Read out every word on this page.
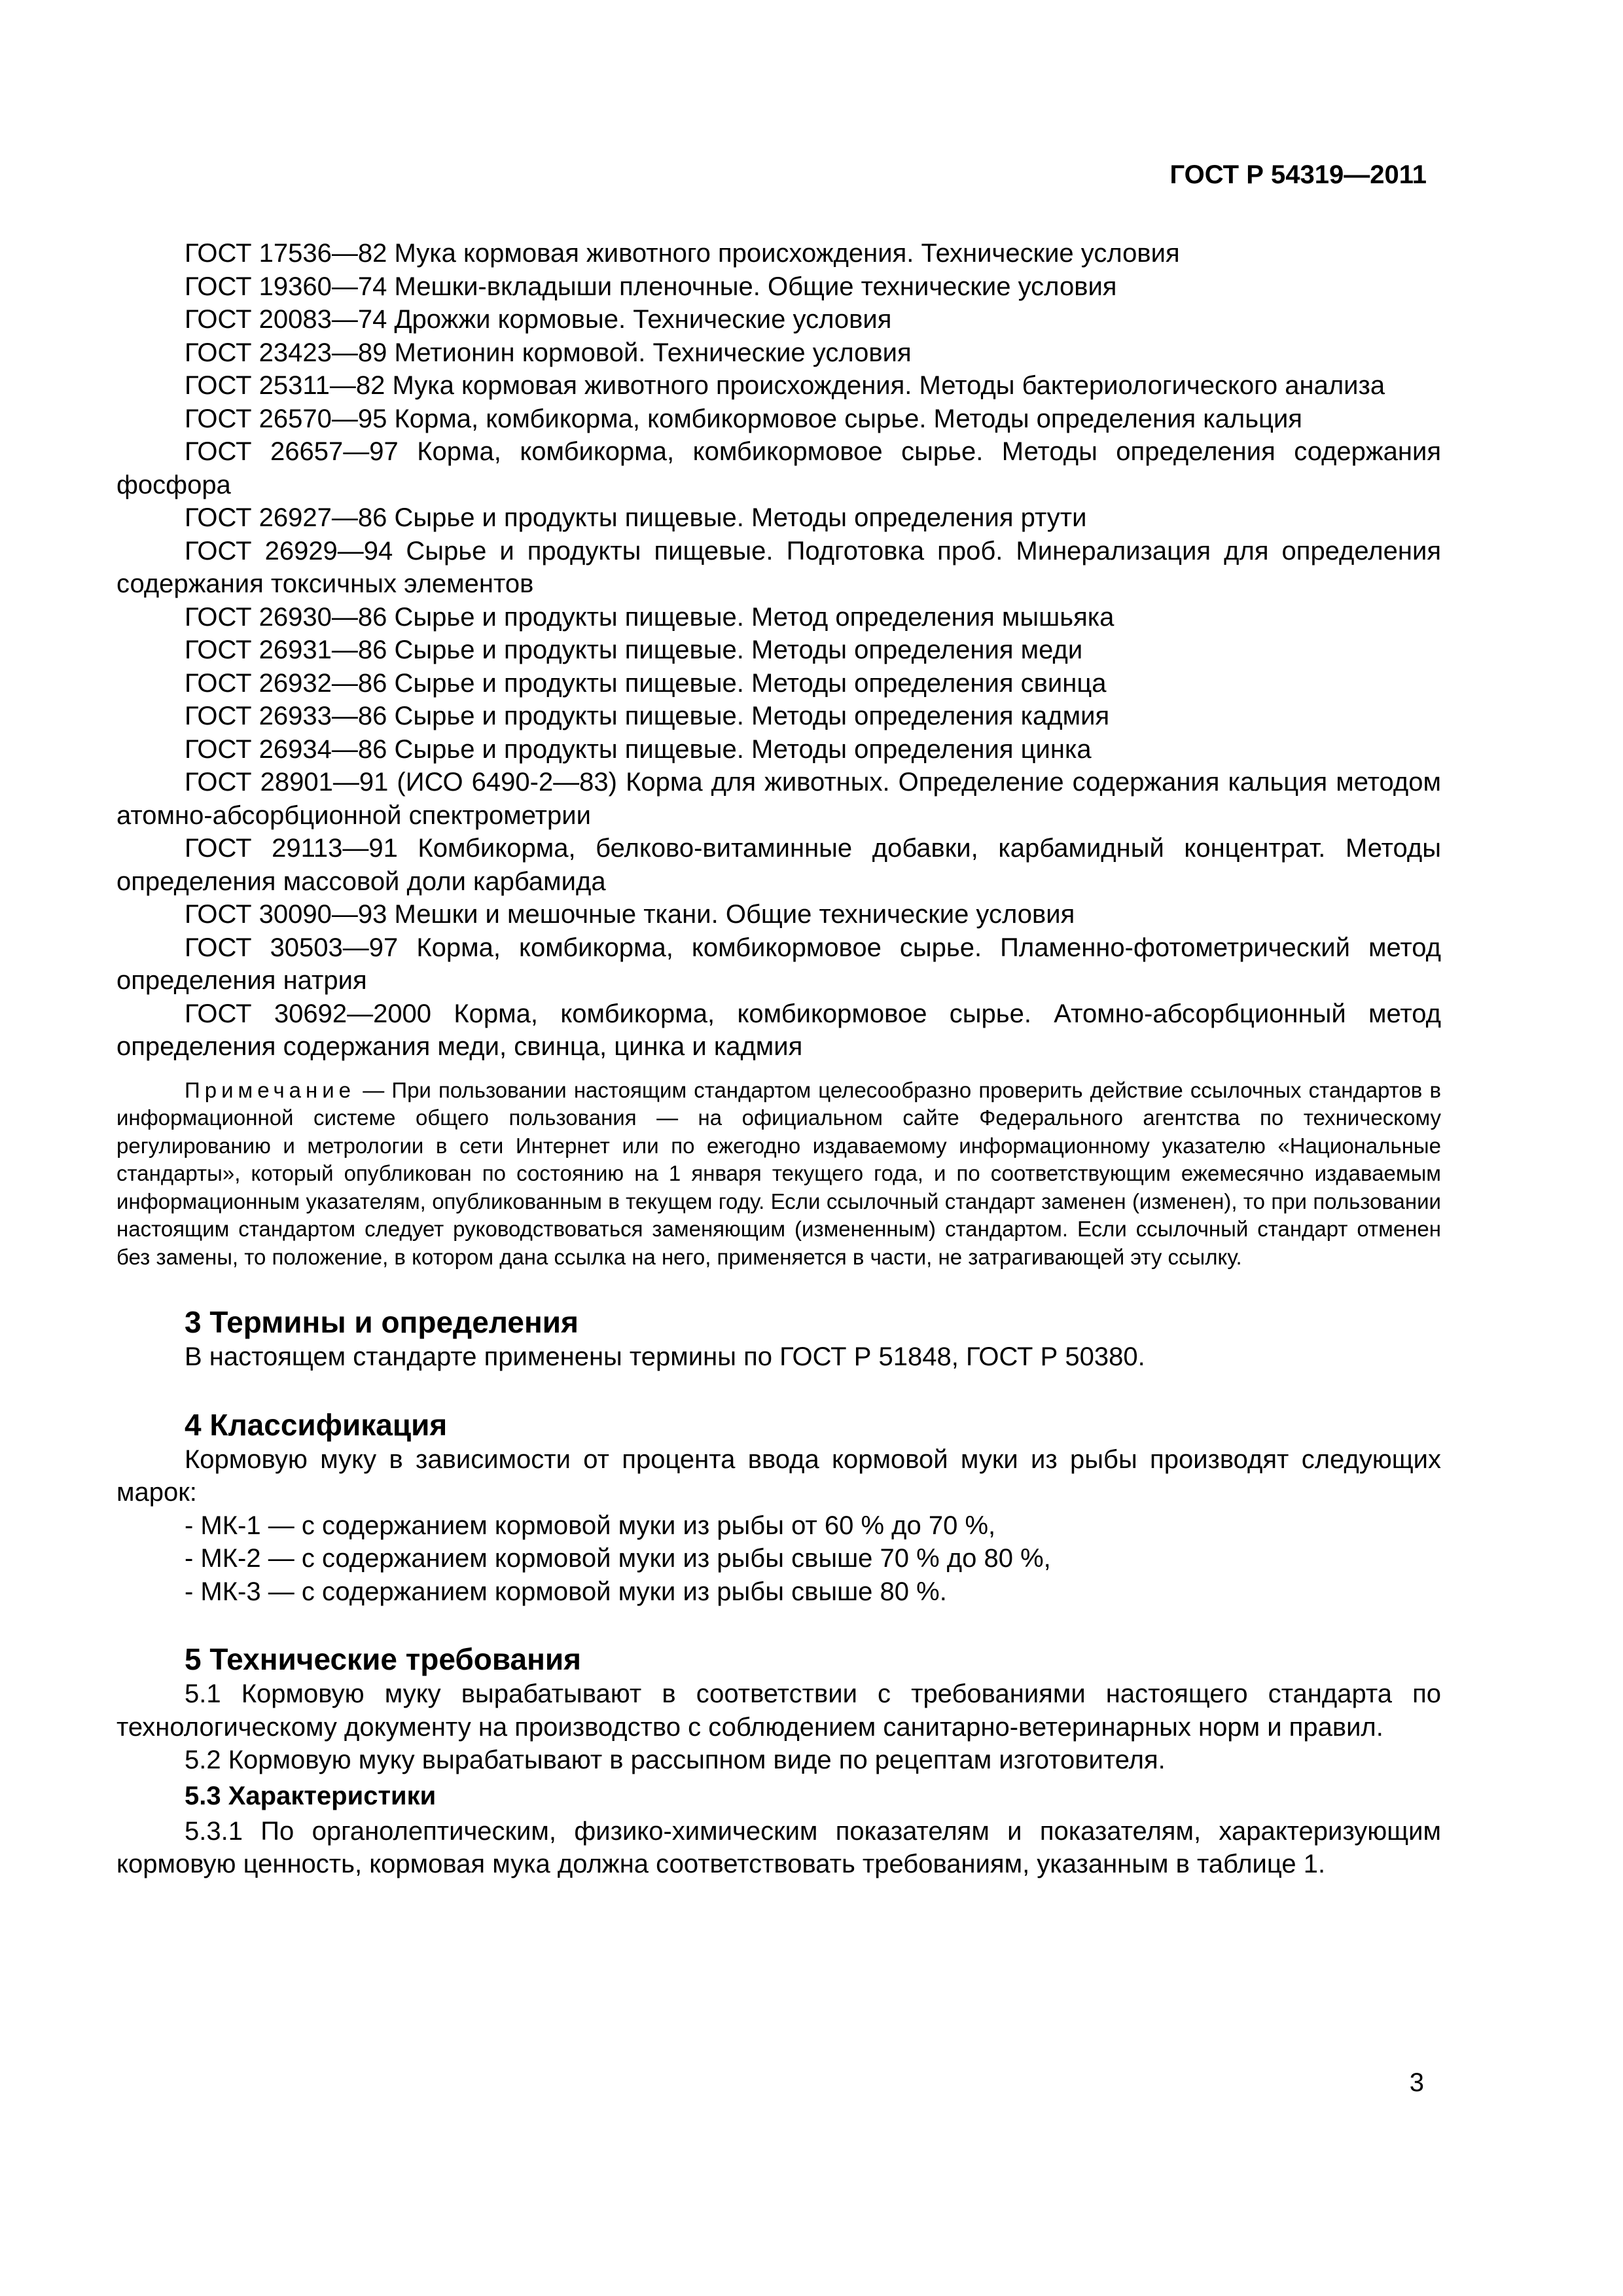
ГОСТ Р 54319—2011

ГОСТ 17536—82 Мука кормовая животного происхождения. Технические условия

ГОСТ 19360—74 Мешки-вкладыши пленочные. Общие технические условия

ГОСТ 20083—74 Дрожжи кормовые. Технические условия

ГОСТ 23423—89 Метионин кормовой. Технические условия

ГОСТ 25311—82 Мука кормовая животного происхождения. Методы бактериологического анализа

ГОСТ 26570—95 Корма, комбикорма, комбикормовое сырье. Методы определения кальция

ГОСТ 26657—97 Корма, комбикорма, комбикормовое сырье. Методы определения содержания фосфора

ГОСТ 26927—86 Сырье и продукты пищевые. Методы определения ртути

ГОСТ 26929—94 Сырье и продукты пищевые. Подготовка проб. Минерализация для определения содержания токсичных элементов

ГОСТ 26930—86 Сырье и продукты пищевые. Метод определения мышьяка

ГОСТ 26931—86 Сырье и продукты пищевые. Методы определения меди

ГОСТ 26932—86 Сырье и продукты пищевые. Методы определения свинца

ГОСТ 26933—86 Сырье и продукты пищевые. Методы определения кадмия

ГОСТ 26934—86 Сырье и продукты пищевые. Методы определения цинка

ГОСТ 28901—91 (ИСО 6490-2—83) Корма для животных. Определение содержания кальция методом атомно-абсорбционной спектрометрии

ГОСТ 29113—91 Комбикорма, белково-витаминные добавки, карбамидный концентрат. Методы определения массовой доли карбамида

ГОСТ 30090—93 Мешки и мешочные ткани. Общие технические условия

ГОСТ 30503—97 Корма, комбикорма, комбикормовое сырье. Пламенно-фотометрический метод определения натрия

ГОСТ 30692—2000 Корма, комбикорма, комбикормовое сырье. Атомно-абсорбционный метод определения содержания меди, свинца, цинка и кадмия

Примечание — При пользовании настоящим стандартом целесообразно проверить действие ссылочных стандартов в информационной системе общего пользования — на официальном сайте Федерального агентства по техническому регулированию и метрологии в сети Интернет или по ежегодно издаваемому информационному указателю «Национальные стандарты», который опубликован по состоянию на 1 января текущего года, и по соответствующим ежемесячно издаваемым информационным указателям, опубликованным в текущем году. Если ссылочный стандарт заменен (изменен), то при пользовании настоящим стандартом следует руководствоваться заменяющим (измененным) стандартом. Если ссылочный стандарт отменен без замены, то положение, в котором дана ссылка на него, применяется в части, не затрагивающей эту ссылку.
3 Термины и определения

В настоящем стандарте применены термины по ГОСТ Р 51848, ГОСТ Р 50380.

4 Классификация

Кормовую муку в зависимости от процента ввода кормовой муки из рыбы производят следующих марок:

- МК-1 — с содержанием кормовой муки из рыбы от 60 % до 70 %,
- МК-2 — с содержанием кормовой муки из рыбы свыше 70 % до 80 %,
- МК-3 — с содержанием кормовой муки из рыбы свыше 80 %.
5 Технические требования

5.1 Кормовую муку вырабатывают в соответствии с требованиями настоящего стандарта по технологическому документу на производство с соблюдением санитарно-ветеринарных норм и правил.

5.2 Кормовую муку вырабатывают в рассыпном виде по рецептам изготовителя.

5.3 Характеристики

5.3.1 По органолептическим, физико-химическим показателям и показателям, характеризующим кормовую ценность, кормовая мука должна соответствовать требованиям, указанным в таблице 1.

3
